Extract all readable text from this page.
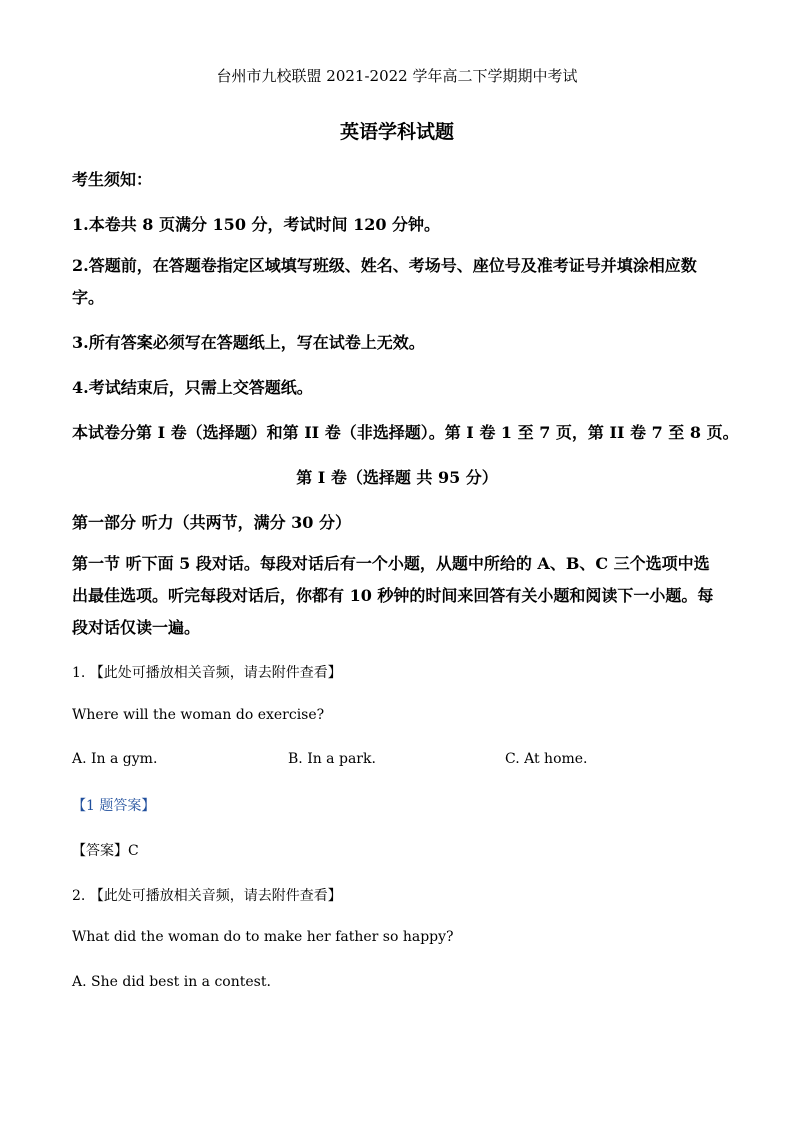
台州市九校联盟 2021-2022 学年高二下学期期中考试
英语学科试题
考生须知：
1.本卷共 8 页满分 150 分，考试时间 120 分钟。
2.答题前，在答题卷指定区域填写班级、姓名、考场号、座位号及准考证号并填涂相应数字。
3.所有答案必须写在答题纸上，写在试卷上无效。
4.考试结束后，只需上交答题纸。
本试卷分第 I 卷（选择题）和第 II 卷（非选择题）。第 I 卷 1 至 7 页，第 II 卷 7 至 8 页。
第 I 卷（选择题 共 95 分）
第一部分 听力（共两节，满分 30 分）
第一节 听下面 5 段对话。每段对话后有一个小题，从题中所给的 A、B、C 三个选项中选出最佳选项。听完每段对话后，你都有 10 秒钟的时间来回答有关小题和阅读下一小题。每段对话仅读一遍。
1. 【此处可播放相关音频，请去附件查看】
Where will the woman do exercise?
A. In a gym.	B. In a park.	C. At home.
【1 题答案】
【答案】C
2. 【此处可播放相关音频，请去附件查看】
What did the woman do to make her father so happy?
A. She did best in a contest.
